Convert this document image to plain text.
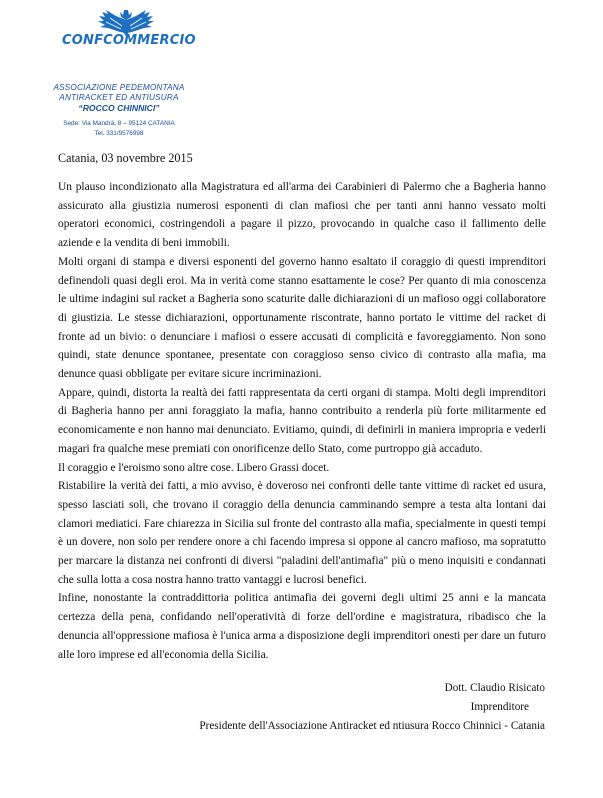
CONFCOMMERCIO
ASSOCIAZIONE PEDEMONTANA
ANTIRACKET ED ANTIUSURA
“ROCCO CHINNICI”
Sede: Via Mandrà, 8 – 95124 CATANIA
Tel. 331/9576998
Catania, 03 novembre 2015

Un plauso incondizionato alla Magistratura ed all'arma dei Carabinieri di Palermo che a Bagheria hanno assicurato alla giustizia numerosi esponenti di clan mafiosi che per tanti anni hanno vessato molti operatori economici, costringendoli a pagare il pizzo, provocando in qualche caso il fallimento delle aziende e la vendita di beni immobili.

Molti organi di stampa e diversi esponenti del governo hanno esaltato il coraggio di questi imprenditori definendoli quasi degli eroi. Ma in verità come stanno esattamente le cose? Per quanto di mia conoscenza le ultime indagini sul racket a Bagheria sono scaturite dalle dichiarazioni di un mafioso oggi collaboratore di giustizia. Le stesse dichiarazioni, opportunamente riscontrate, hanno portato le vittime del racket di fronte ad un bivio: o denunciare i mafiosi o essere accusati di complicità e favoreggiamento. Non sono quindi, state denunce spontanee, presentate con coraggioso senso civico di contrasto alla mafia, ma denunce quasi obbligate per evitare sicure incriminazioni.

Appare, quindi, distorta la realtà dei fatti rappresentata da certi organi di stampa. Molti degli imprenditori di Bagheria hanno per anni foraggiato la mafia, hanno contribuito a renderla più forte militarmente ed economicamente e non hanno mai denunciato. Evitiamo, quindi, di definirli in maniera impropria e vederli magari fra qualche mese premiati con onorificenze dello Stato, come purtroppo già accaduto.

Il coraggio e l'eroismo sono altre cose. Libero Grassi docet.

Ristabilire la verità dei fatti, a mio avviso, è doveroso nei confronti delle tante vittime di racket ed usura, spesso lasciati soli, che trovano il coraggio della denuncia camminando sempre a testa alta lontani dai clamori mediatici. Fare chiarezza in Sicilia sul fronte del contrasto alla mafia, specialmente in questi tempi è un dovere, non solo per rendere onore a chi facendo impresa si oppone al cancro mafioso, ma sopratutto per marcare la distanza nei confronti di diversi "paladini dell'antimafia" più o meno inquisiti e condannati che sulla lotta a cosa nostra hanno tratto vantaggi e lucrosi benefici.

Infine, nonostante la contraddittoria politica antimafia dei governi degli ultimi 25 anni e la mancata certezza della pena, confidando nell'operatività di forze dell'ordine e magistratura, ribadisco che la denuncia all'oppressione mafiosa è l'unica arma a disposizione degli imprenditori onesti per dare un futuro alle loro imprese ed all'economia della Sicilia.

Dott. Claudio Risicato
Imprenditore
Presidente dell'Associazione Antiracket ed ntiusura Rocco Chinnici - Catania
